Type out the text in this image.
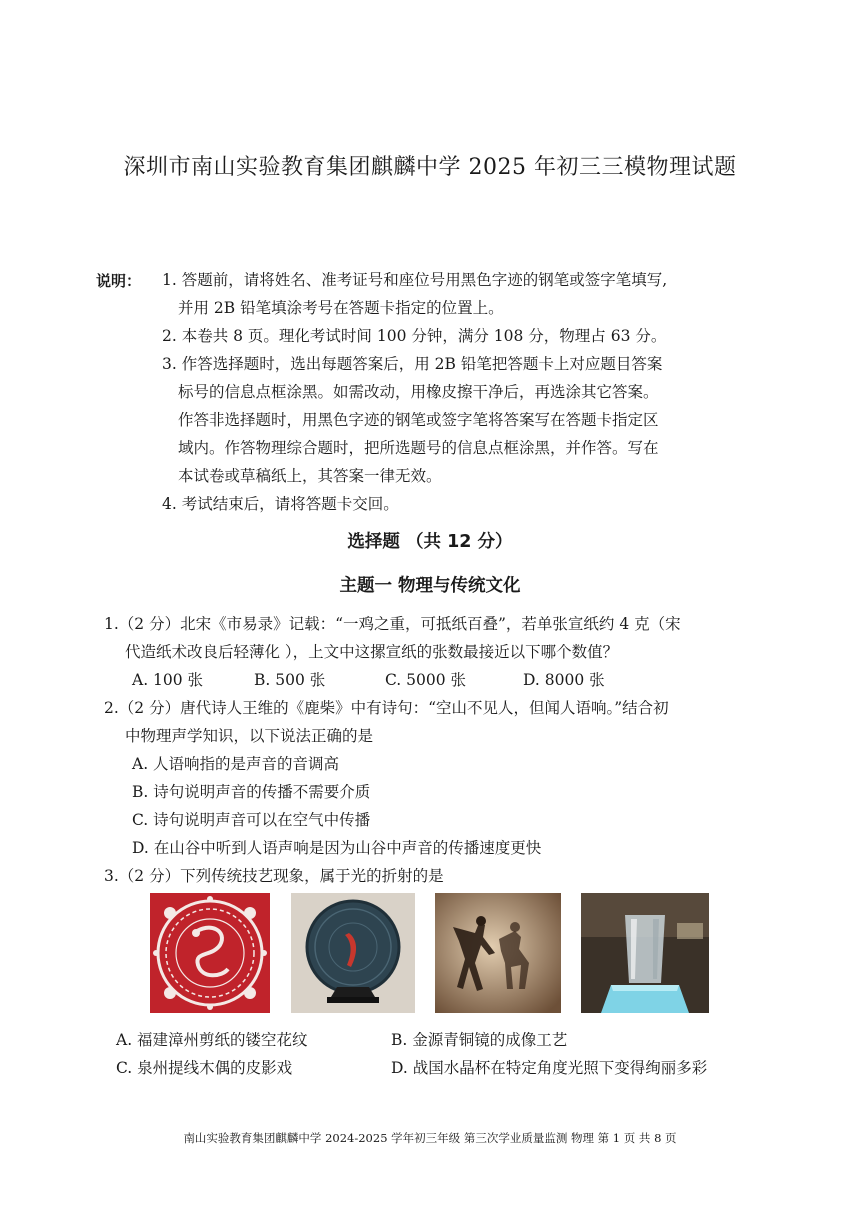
深圳市南山实验教育集团麒麟中学 2025 年初三三模物理试题
说明： 1. 答题前，请将姓名、准考证号和座位号用黑色字迹的钢笔或签字笔填写,
并用 2B 铅笔填涂考号在答题卡指定的位置上。
2. 本卷共 8 页。理化考试时间 100 分钟，满分 108 分，物理占 63 分。
3. 作答选择题时，选出每题答案后，用 2B 铅笔把答题卡上对应题目答案
标号的信息点框涂黑。如需改动，用橡皮擦干净后，再选涂其它答案。
作答非选择题时，用黑色字迹的钢笔或签字笔将答案写在答题卡指定区
域内。作答物理综合题时，把所选题号的信息点框涂黑，并作答。写在
本试卷或草稿纸上，其答案一律无效。
4. 考试结束后，请将答题卡交回。
选择题 （共 12 分）
主题一 物理与传统文化
1.（2 分）北宋《市易录》记载：“一鸡之重，可抵纸百叠”，若单张宣纸约 4 克（宋
代造纸术改良后轻薄化 ），上文中这摞宣纸的张数最接近以下哪个数值？
A. 100 张	B. 500 张	C. 5000 张	D. 8000 张
2.（2 分）唐代诗人王维的《鹿柴》中有诗句：“空山不见人，但闻人语响。”结合初
中物理声学知识，以下说法正确的是
A. 人语响指的是声音的音调高
B. 诗句说明声音的传播不需要介质
C. 诗句说明声音可以在空气中传播
D. 在山谷中听到人语声响是因为山谷中声音的传播速度更快
3.（2 分）下列传统技艺现象，属于光的折射的是
A. 福建漳州剪纸的镂空花纹	B. 金源青铜镜的成像工艺
C. 泉州提线木偶的皮影戏	D. 战国水晶杯在特定角度光照下变得绚丽多彩
南山实验教育集团麒麟中学 2024-2025 学年初三年级 第三次学业质量监测 物理 第 1 页 共 8 页
